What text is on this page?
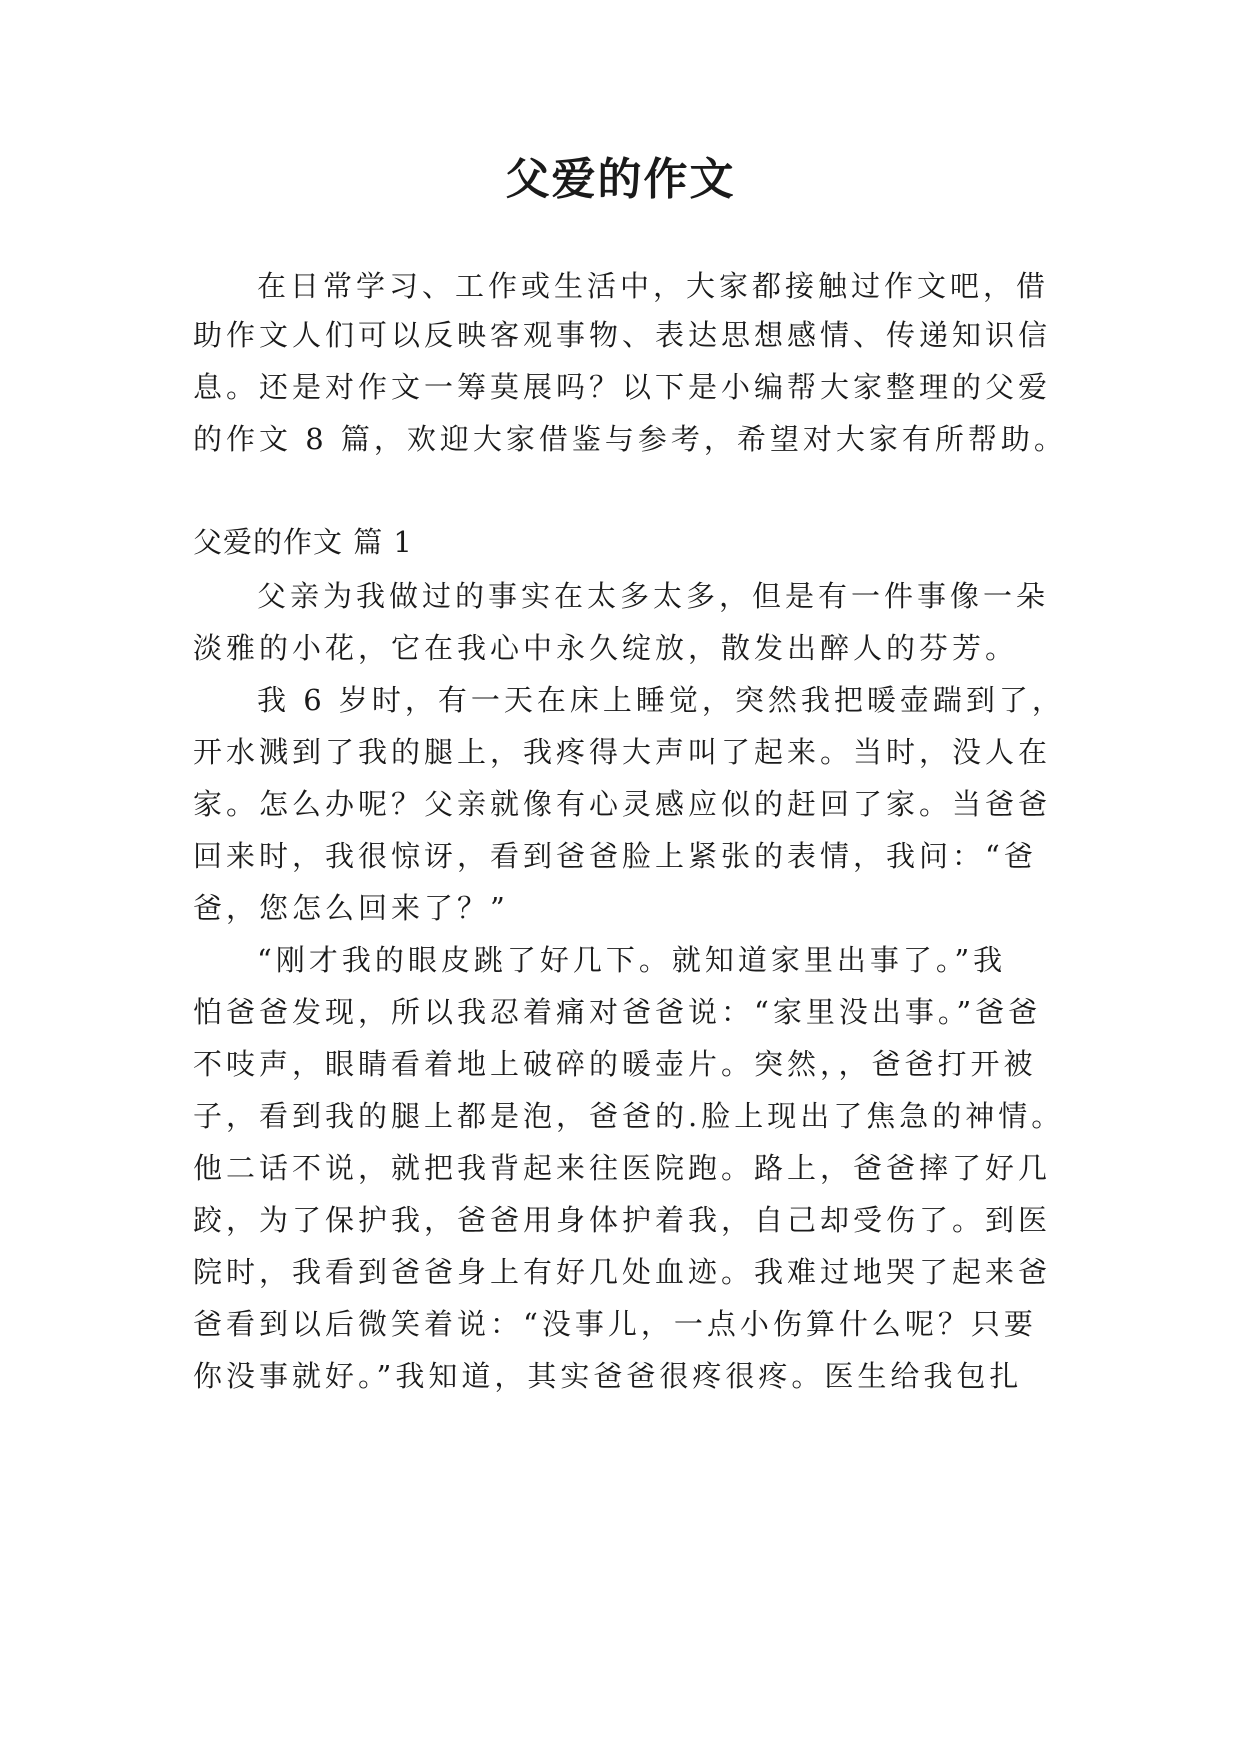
父爱的作文
在日常学习、工作或生活中，大家都接触过作文吧，借
助作文人们可以反映客观事物、表达思想感情、传递知识信
息。还是对作文一筹莫展吗？以下是小编帮大家整理的父爱
的作文 8 篇，欢迎大家借鉴与参考，希望对大家有所帮助。
父爱的作文 篇 1
父亲为我做过的事实在太多太多，但是有一件事像一朵
淡雅的小花，它在我心中永久绽放，散发出醉人的芬芳。
我 6 岁时，有一天在床上睡觉，突然我把暖壶踹到了，
开水溅到了我的腿上，我疼得大声叫了起来。当时，没人在
家。怎么办呢？父亲就像有心灵感应似的赶回了家。当爸爸
回来时，我很惊讶，看到爸爸脸上紧张的表情，我问：“爸
爸，您怎么回来了？”
“刚才我的眼皮跳了好几下。就知道家里出事了。”我
怕爸爸发现，所以我忍着痛对爸爸说：“家里没出事。”爸爸
不吱声，眼睛看着地上破碎的暖壶片。突然，，爸爸打开被
子，看到我的腿上都是泡，爸爸的.脸上现出了焦急的神情。
他二话不说，就把我背起来往医院跑。路上，爸爸摔了好几
跤，为了保护我，爸爸用身体护着我，自己却受伤了。到医
院时，我看到爸爸身上有好几处血迹。我难过地哭了起来爸
爸看到以后微笑着说：“没事儿，一点小伤算什么呢？只要
你没事就好。”我知道，其实爸爸很疼很疼。医生给我包扎
